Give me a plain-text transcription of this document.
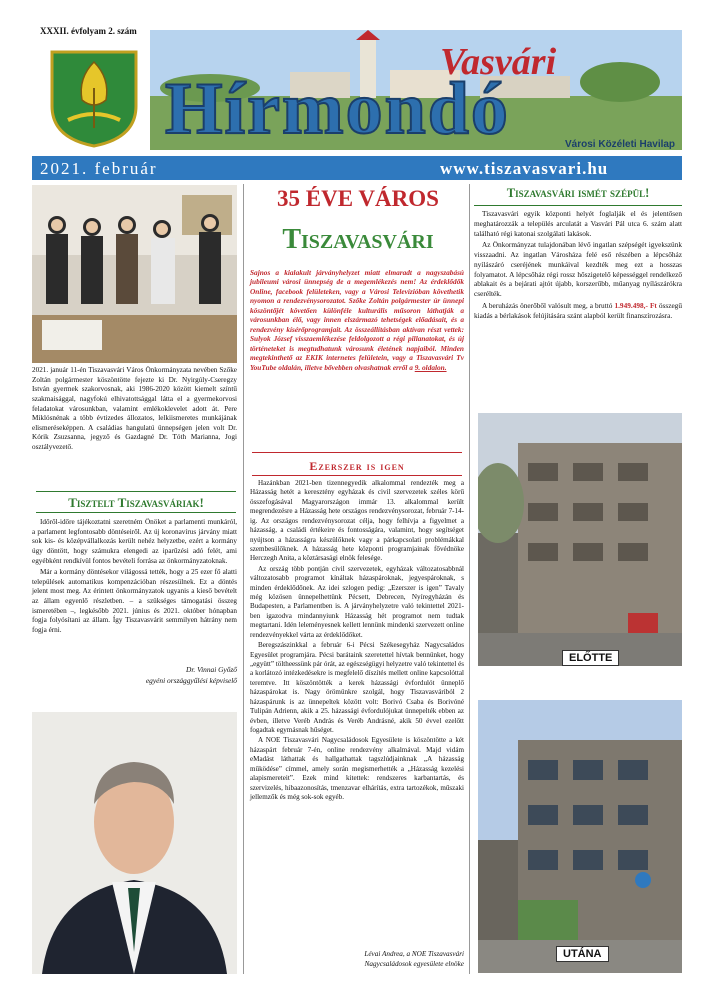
XXXII. évfolyam 2. szám
Vasvári
Hírmondó	Városi Közéleti Havilap
2021. február	www.tiszavasvari.hu
2021. január 11-én Tiszavasvári Város Önkormányzata nevében Szőke Zoltán polgármester köszöntötte fejezte ki Dr. Nyirgúly-Cseregzy István gyermek szakorvosnak, aki 1986-2020 között kiemelt színtű szakmaisággal, nagyfokú elhivatottsággal látta el a gyermekorvosi feladatokat városunkban, valamint emlékoklevelet adott át. Pere Miklósnénak a több évtizedes állozatos, lelkiismeretes munkájának elismeréseképpen. A családias hangulatú ünnepségen jelen volt Dr. Kórik Zsuzsanna, jegyző és Gazdagné Dr. Tóth Marianna, Jogi osztályvezető.
Tisztelt Tiszavasváriak!

Időről-időre tájékoztatni szeretném Önöket a parlamenti munkáról, a parlament legfontosabb döntéseiről. Az új koronavírus járvány miatt sok kis- és középvállalkozás került nehéz helyzetbe, ezért a kormány úgy döntött, hogy számukra elengedi az iparűzési adó felét, ami egyébként rendkívül fontos bevételi forrása az önkormányzatoknak.

Már a kormány döntésekor világossá tették, hogy a 25 ezer fő alatti települések automatikus kompenzációban részesülnek. Ez a döntés jelent most meg. Az érintett önkormányzatok ugyanis a kieső bevételt az állam egyenlő részletben. – a szükséges támogatási összeg ismeretében –, legkésőbb 2021. június és 2021. október hónapban fogja folyósítani az állam. Így Tiszavasvárit semmilyen hátrány nem fogja érni.

Dr. Vinnai Győző
egyéni országgyűlési képviselő
35 ÉVE VÁROS
Tiszavasvári
Sajnos a kialakult járványhelyzet miatt elmaradt a nagyszabású jubileumi városi ünnepség de a megemlékezés nem! Az érdeklődők Online, facebook felületeken, vagy a Városi Televízióban követhetik nyomon a rendezvénysorozatot. Szőke Zoltán polgármester úr ünnepi köszöntőjét követően különféle kulturális műsoron láthatják a városunkban élő, vagy innen elszármazó tehetségek előadásait, és a rendezvény kísérőprogramjait. Az összeállításban aktívan részt vettek: Sulyok József visszaemlékezése feldolgozott a régi pillanatokat, és új történeteket is megtudhatunk városunk életének napjaiból. Minden megtekinthető az EKIK internetes felületein, vagy a Tiszavasvári Tv YouTube oldalán, illetve bővebben olvashatnak erről a 9. oldalon.
Ezerszer is igen

Hazánkban 2021-ben tizennegyedik alkalommal rendezték meg a Házasság hetét a keresztény egyházak és civil szervezetek széles körű összefogásával Magyarországon immár 13. alkalommal került megrendezésre a Házasság hete országos rendezvénysorozat, február 7-14-ig. Az országos rendezvénysorozat célja, hogy felhívja a figyelmet a házasság, a családi értékeire és fontosságára, valamint, hogy segítséget nyújtson a házasságra készülőknek vagy a párkapcsolati problémákkal szembesülőknek. A házasság hete központi programjainak fővédnöke Herczegh Anita, a köztársasági elnök felesége.

Az ország több pontján civil szervezetek, egyházak változatosabbnál változatosabb programot kínáltak házaspároknak, jegyespároknak, s minden érdeklődőnek. Az idei szlogen pedig: „Ezerszer is igen” Tavaly még közösen ünnepelhettünk Pécsett, Debrecen, Nyíregyházán és Budapesten, a Parlamentben is. A járványhelyzetre való tekintettel 2021-ben igazodva mindannyiunk Házasság hét programot nem tudtak megtartani. Idén leleményesnek kellett lennünk mindenki szervezett online rendezvényekkel várta az érdeklődőket.

Beregszászinkkal a február 6-i Pécsi Székesegyház Nagycsaládos Egyesület programjára. Pécsi barátaink szeretettel hívtak bennünket, hogy „együtt” töltheessünk pár órát, az egészségügyi helyzetre való tekintettel és a korlátozó intézkedésekre is megfelelő díszítés mellett online kapcsolóttal teremtve. Itt köszöntötték a kerek házassági évfordulót ünneplő házaspárokat is. Nagy örömünkre szolgál, hogy Tiszavasváriból 2 házaspárunk is az ünnepeltek között volt: Borivó Csaba és Borivóné Tulipán Adrienn, akik a 25. házassági évfordulójukat ünnepelték ebben az évben, illetve Veréb András és Veréb Andrásné, akik 50 évvel ezelőtt fogadtak egymásnak hűséget.

A NOE Tiszavasvári Nagycsaládosok Egyesülete is köszöntötte a két házaspárt február 7-én, online rendezvény alkalmával. Majd vidám eMadást láthattak és hallgathattak tagszlúdjainknak „A házasság működése” címmel, amely során megismerhették a „Házasság kezelési alapismereteit”. Ezek mind kitettek: rendszeres karbantartás, és szervizelés, hibaazonosítás, tmenzavar elhárítás, extra tartozékok, műszaki jellemzők és még sok-sok egyéb.

Lévai Andrea, a NOE Tiszavasvári
Nagycsaládosok egyesülete elnöke
Tiszavasvári ismét szépül!

Tiszavasvári egyik központi helyét foglalják el és jelentősen meghatározzák a település arculatát a Vasvári Pál utca 6. szám alatt található régi katonai szolgálati lakások.

Az Önkormányzat tulajdonában lévő ingatlan szépségét igyekszünk visszaadni. Az ingatlan Városháza felé eső részében a lépcsőház nyílászáró cseréjének munkáival kezdték meg ezt a hosszas folyamatot. A lépcsőház régi rossz hőszigetelő képességgel rendelkező ablakait és a bejárati ajtót újabb, korszerűbb, műanyag nyílászárókra cserélték.

A beruházás önerőből valósult meg, a bruttó 1.949.498,- Ft összegű kiadás a bérlakások felújítására szánt alapból került finanszírozásra.

ELŐTTE
UTÁNA
